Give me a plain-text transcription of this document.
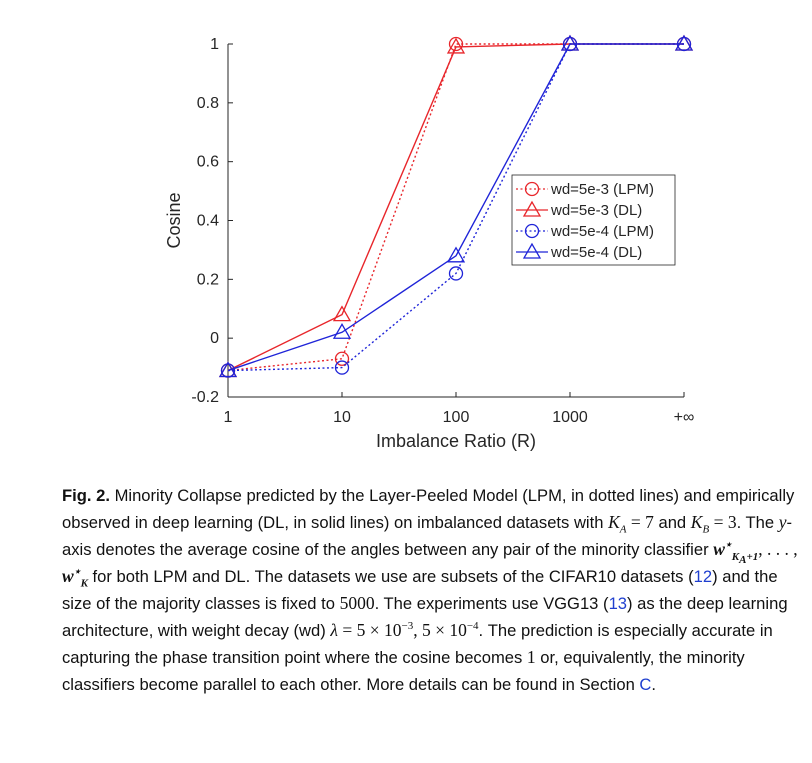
-0.2
0
0.2
0.4
0.6
0.8
1
1	10	100	1000	+∞
Imbalance Ratio (R)
Cosine
wd=5e-3 (LPM)
wd=5e-3 (DL)
wd=5e-4 (LPM)
wd=5e-4 (DL)

Fig. 2. Minority Collapse predicted by the Layer-Peeled Model (LPM, in dotted lines) and empirically observed in deep learning (DL, in solid lines) on imbalanced datasets with $K_A = 7$ and $K_B = 3$. The y-axis denotes the average cosine of the angles between any pair of the minority classifier $w^⋆_{K_A+1}$, . . . , $w^⋆_K$ for both LPM and DL. The datasets we use are subsets of the CIFAR10 datasets (12) and the size of the majority classes is fixed to 5000. The experiments use VGG13 (13) as the deep learning architecture, with weight decay (wd) $\lambda = 5 \times 10^{-3}$, $5 \times 10^{-4}$. The prediction is especially accurate in capturing the phase transition point where the cosine becomes 1 or, equivalently, the minority classifiers become parallel to each other. More details can be found in Section C.
